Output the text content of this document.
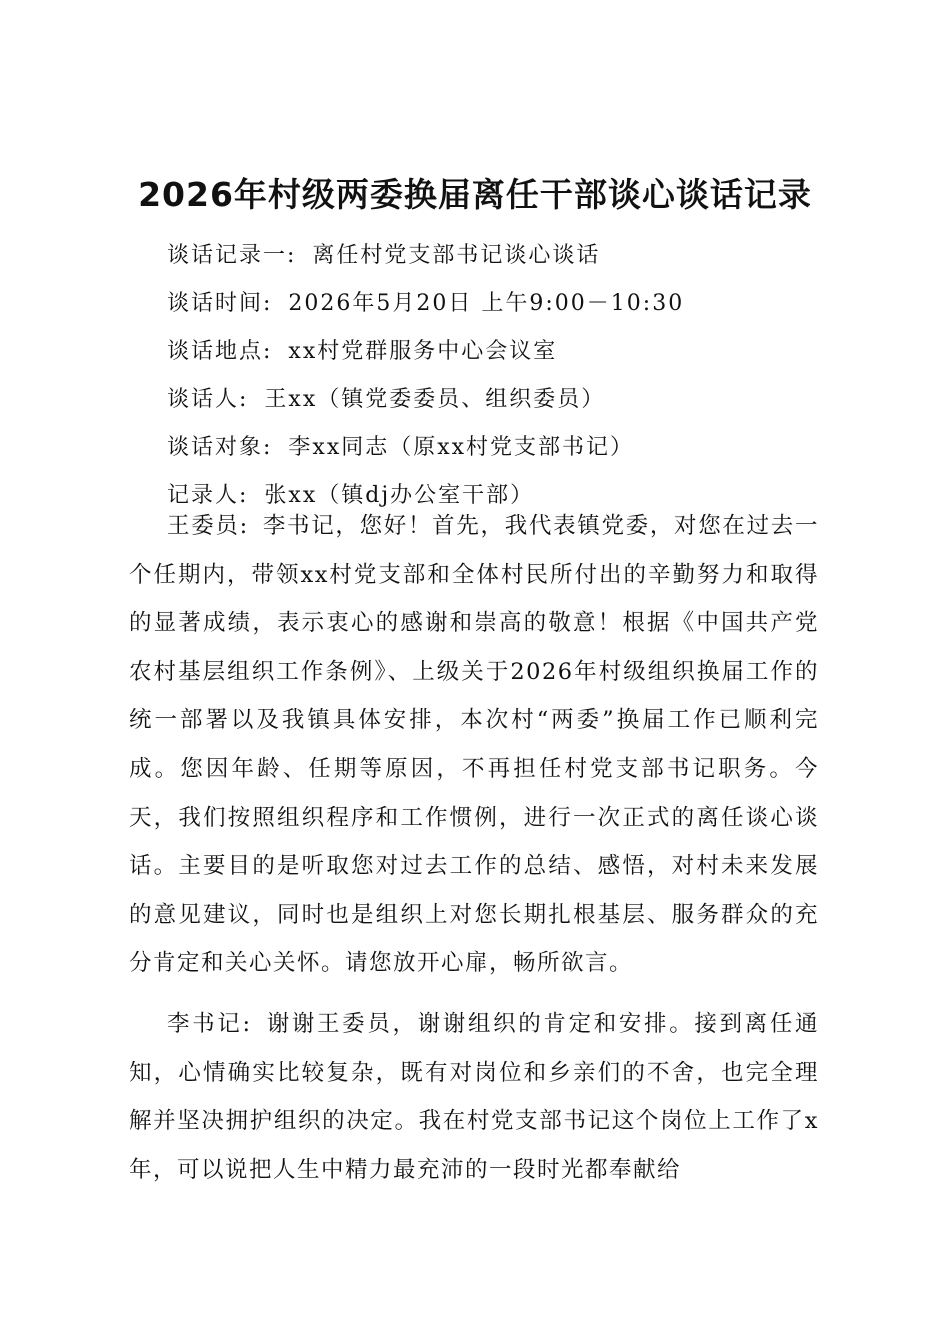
2026年村级两委换届离任干部谈心谈话记录
谈话记录一: 离任村党支部书记谈心谈话
谈话时间: 2026年5月20日 上午9:00－10:30
谈话地点: xx村党群服务中心会议室
谈话人: 王xx（镇党委委员、组织委员）
谈话对象: 李xx同志（原xx村党支部书记）
记录人: 张xx（镇dj办公室干部）

王委员: 李书记，您好！首先，我代表镇党委，对您在过去一个任期内，带领xx村党支部和全体村民所付出的辛勤努力和取得的显著成绩，表示衷心的感谢和崇高的敬意！根据《中国共产党农村基层组织工作条例》、上级关于2026年村级组织换届工作的统一部署以及我镇具体安排，本次村“两委”换届工作已顺利完成。您因年龄、任期等原因，不再担任村党支部书记职务。今天，我们按照组织程序和工作惯例，进行一次正式的离任谈心谈话。主要目的是听取您对过去工作的总结、感悟，对村未来发展的意见建议，同时也是组织上对您长期扎根基层、服务群众的充分肯定和关心关怀。请您放开心扉，畅所欲言。

李书记: 谢谢王委员，谢谢组织的肯定和安排。接到离任通知，心情确实比较复杂，既有对岗位和乡亲们的不舍，也完全理解并坚决拥护组织的决定。我在村党支部书记这个岗位上工作了x年，可以说把人生中精力最充沛的一段时光都奉献给
